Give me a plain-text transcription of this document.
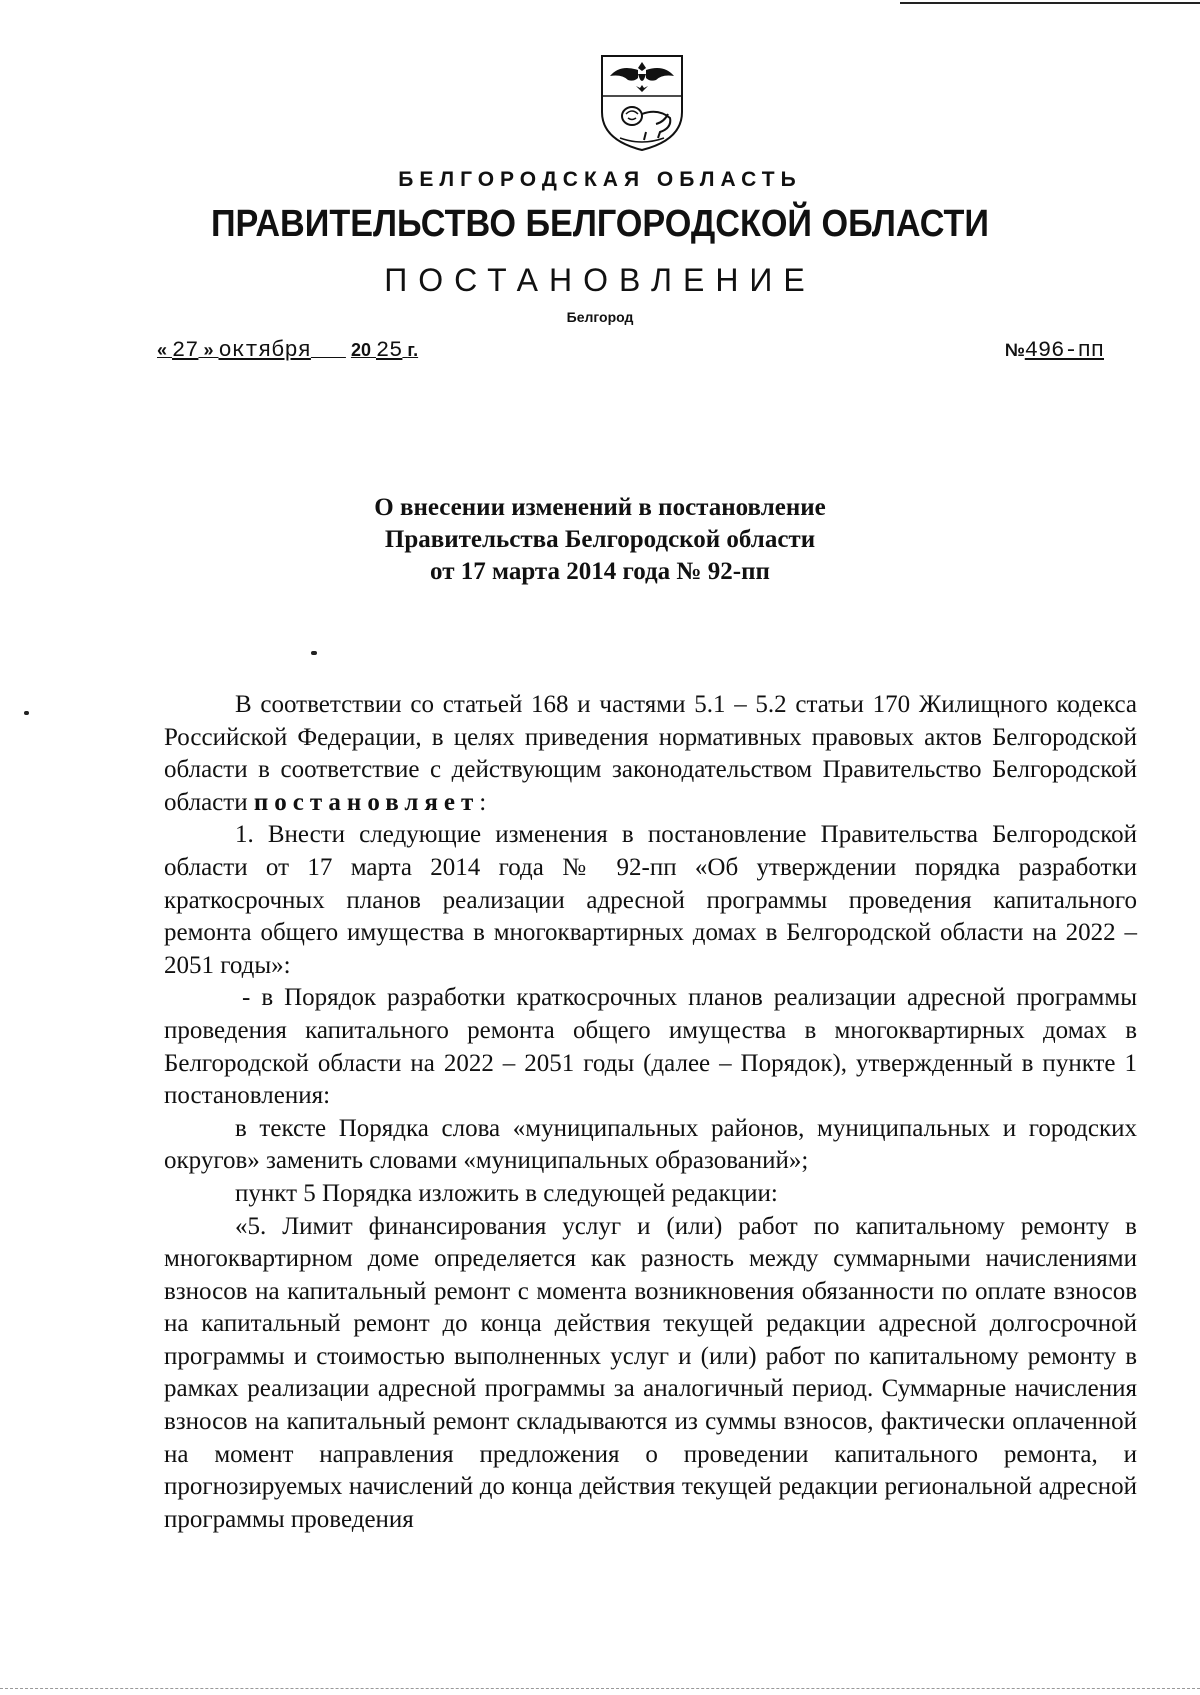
БЕЛГОРОДСКАЯ ОБЛАСТЬ
ПРАВИТЕЛЬСТВО БЕЛГОРОДСКОЙ ОБЛАСТИ
ПОСТАНОВЛЕНИЕ
Белгород
« 27 » октября 20 25 г.	№496-пп
О внесении изменений в постановление
Правительства Белгородской области
от 17 марта 2014 года № 92-пп

В соответствии со статьей 168 и частями 5.1 – 5.2 статьи 170 Жилищного кодекса Российской Федерации, в целях приведения нормативных правовых актов Белгородской области в соответствие с действующим законодательством Правительство Белгородской области постановляет:

1. Внести следующие изменения в постановление Правительства Белгородской области от 17 марта 2014 года № 92-пп «Об утверждении порядка разработки краткосрочных планов реализации адресной программы проведения капитального ремонта общего имущества в многоквартирных домах в Белгородской области на 2022 – 2051 годы»:

- в Порядок разработки краткосрочных планов реализации адресной программы проведения капитального ремонта общего имущества в многоквартирных домах в Белгородской области на 2022 – 2051 годы (далее – Порядок), утвержденный в пункте 1 постановления:

в тексте Порядка слова «муниципальных районов, муниципальных и городских округов» заменить словами «муниципальных образований»;

пункт 5 Порядка изложить в следующей редакции:

«5. Лимит финансирования услуг и (или) работ по капитальному ремонту в многоквартирном доме определяется как разность между суммарными начислениями взносов на капитальный ремонт с момента возникновения обязанности по оплате взносов на капитальный ремонт до конца действия текущей редакции адресной долгосрочной программы и стоимостью выполненных услуг и (или) работ по капитальному ремонту в рамках реализации адресной программы за аналогичный период. Суммарные начисления взносов на капитальный ремонт складываются из суммы взносов, фактически оплаченной на момент направления предложения о проведении капитального ремонта, и прогнозируемых начислений до конца действия текущей редакции региональной адресной программы проведения
